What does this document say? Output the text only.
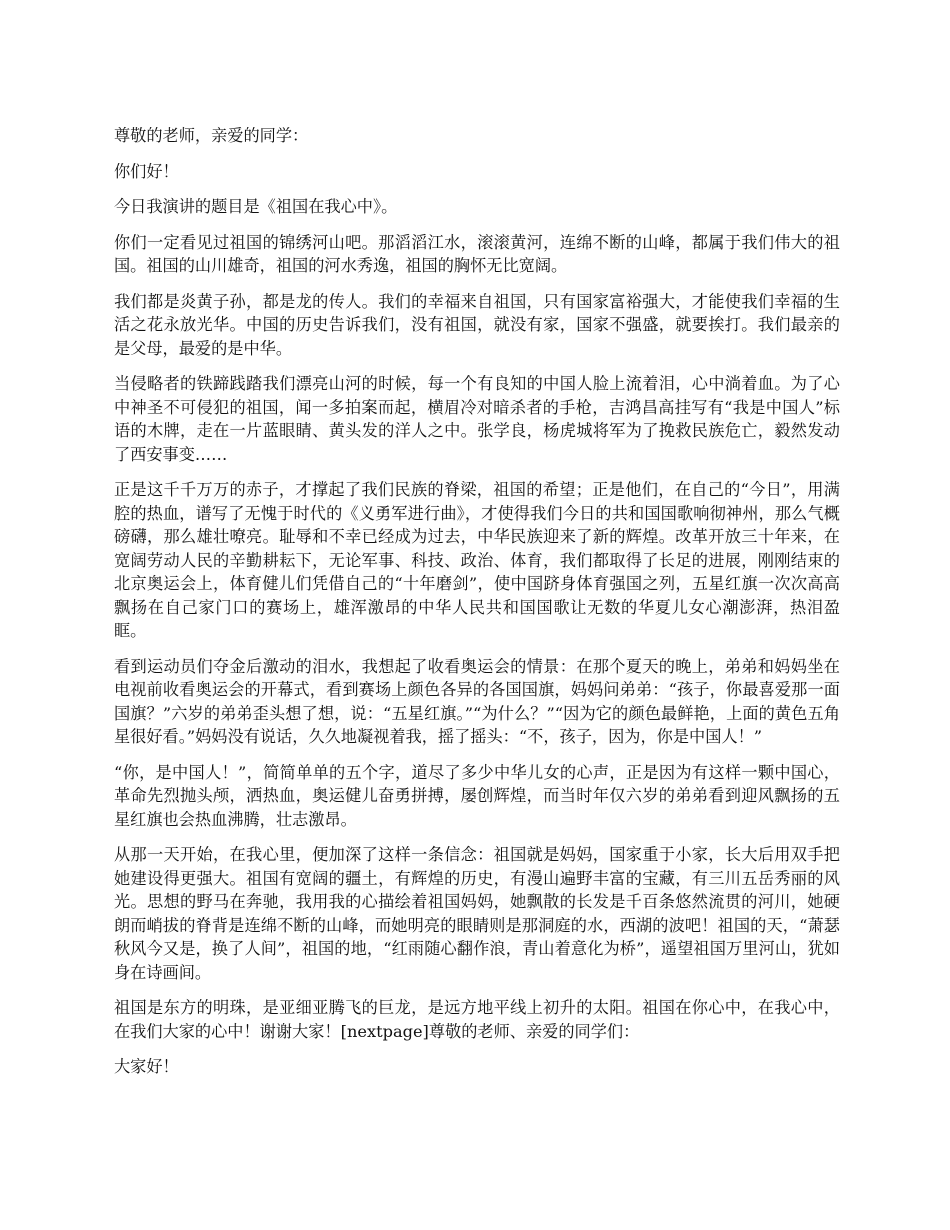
尊敬的老师，亲爱的同学：

你们好！

今日我演讲的题目是《祖国在我心中》。

你们一定看见过祖国的锦绣河山吧。那滔滔江水，滚滚黄河，连绵不断的山峰，都属于我们伟大的祖国。祖国的山川雄奇，祖国的河水秀逸，祖国的胸怀无比宽阔。

我们都是炎黄子孙，都是龙的传人。我们的幸福来自祖国，只有国家富裕强大，才能使我们幸福的生活之花永放光华。中国的历史告诉我们，没有祖国，就没有家，国家不强盛，就要挨打。我们最亲的是父母，最爱的是中华。

当侵略者的铁蹄践踏我们漂亮山河的时候，每一个有良知的中国人脸上流着泪，心中淌着血。为了心中神圣不可侵犯的祖国，闻一多拍案而起，横眉冷对暗杀者的手枪，吉鸿昌高挂写有“我是中国人”标语的木牌，走在一片蓝眼睛、黄头发的洋人之中。张学良，杨虎城将军为了挽救民族危亡，毅然发动了西安事变……

正是这千千万万的赤子，才撑起了我们民族的脊梁，祖国的希望；正是他们，在自己的“今日”，用满腔的热血，谱写了无愧于时代的《义勇军进行曲》，才使得我们今日的共和国国歌响彻神州，那么气概磅礴，那么雄壮嘹亮。耻辱和不幸已经成为过去，中华民族迎来了新的辉煌。改革开放三十年来，在宽阔劳动人民的辛勤耕耘下，无论军事、科技、政治、体育，我们都取得了长足的进展，刚刚结束的北京奥运会上，体育健儿们凭借自己的“十年磨剑”，使中国跻身体育强国之列，五星红旗一次次高高飘扬在自己家门口的赛场上，雄浑激昂的中华人民共和国国歌让无数的华夏儿女心潮澎湃，热泪盈眶。

看到运动员们夺金后激动的泪水，我想起了收看奥运会的情景：在那个夏天的晚上，弟弟和妈妈坐在电视前收看奥运会的开幕式，看到赛场上颜色各异的各国国旗，妈妈问弟弟：“孩子，你最喜爱那一面国旗？”六岁的弟弟歪头想了想，说：“五星红旗。”“为什么？”“因为它的颜色最鲜艳，上面的黄色五角星很好看。”妈妈没有说话，久久地凝视着我，摇了摇头：“不，孩子，因为，你是中国人！”

“你，是中国人！”，简简单单的五个字，道尽了多少中华儿女的心声，正是因为有这样一颗中国心，革命先烈抛头颅，洒热血，奥运健儿奋勇拼搏，屡创辉煌，而当时年仅六岁的弟弟看到迎风飘扬的五星红旗也会热血沸腾，壮志激昂。

从那一天开始，在我心里，便加深了这样一条信念：祖国就是妈妈，国家重于小家，长大后用双手把她建设得更强大。祖国有宽阔的疆土，有辉煌的历史，有漫山遍野丰富的宝藏，有三川五岳秀丽的风光。思想的野马在奔驰，我用我的心描绘着祖国妈妈，她飘散的长发是千百条悠然流贯的河川，她硬朗而峭拔的脊背是连绵不断的山峰，而她明亮的眼睛则是那洞庭的水，西湖的波吧！祖国的天，“萧瑟秋风今又是，换了人间”，祖国的地，“红雨随心翻作浪，青山着意化为桥”，遥望祖国万里河山，犹如身在诗画间。

祖国是东方的明珠，是亚细亚腾飞的巨龙，是远方地平线上初升的太阳。祖国在你心中，在我心中，在我们大家的心中！谢谢大家！[nextpage]尊敬的老师、亲爱的同学们：

大家好！
